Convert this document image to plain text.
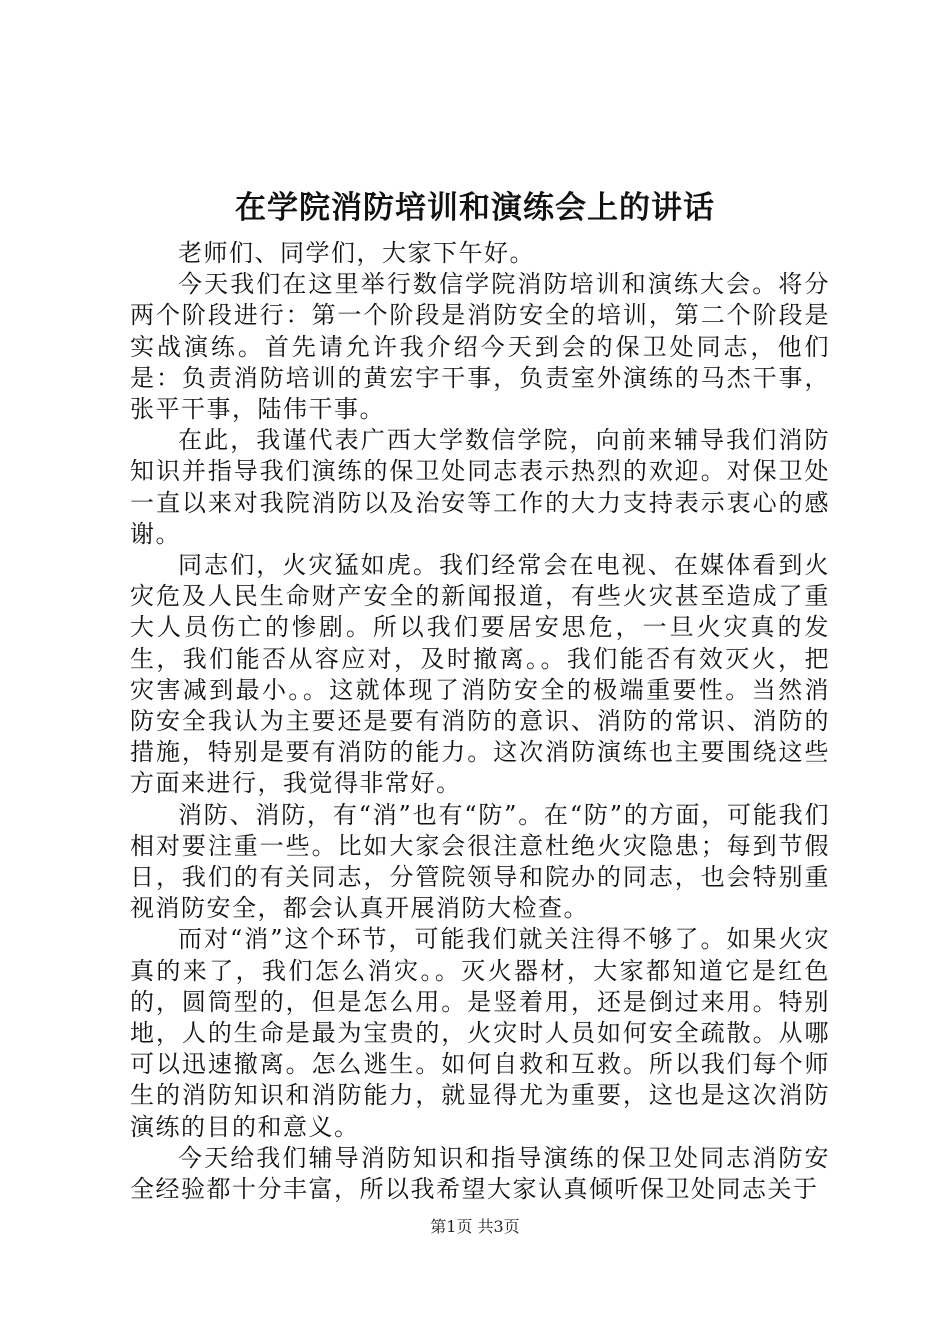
在学院消防培训和演练会上的讲话

老师们、同学们，大家下午好。

今天我们在这里举行数信学院消防培训和演练大会。将分两个阶段进行：第一个阶段是消防安全的培训，第二个阶段是实战演练。首先请允许我介绍今天到会的保卫处同志，他们是：负责消防培训的黄宏宇干事，负责室外演练的马杰干事，张平干事，陆伟干事。

在此，我谨代表广西大学数信学院，向前来辅导我们消防知识并指导我们演练的保卫处同志表示热烈的欢迎。对保卫处一直以来对我院消防以及治安等工作的大力支持表示衷心的感谢。

同志们，火灾猛如虎。我们经常会在电视、在媒体看到火灾危及人民生命财产安全的新闻报道，有些火灾甚至造成了重大人员伤亡的惨剧。所以我们要居安思危，一旦火灾真的发生，我们能否从容应对，及时撤离。。我们能否有效灭火，把灾害减到最小。。这就体现了消防安全的极端重要性。当然消防安全我认为主要还是要有消防的意识、消防的常识、消防的措施，特别是要有消防的能力。这次消防演练也主要围绕这些方面来进行，我觉得非常好。

消防、消防，有“消”也有“防”。在“防”的方面，可能我们相对要注重一些。比如大家会很注意杜绝火灾隐患；每到节假日，我们的有关同志，分管院领导和院办的同志，也会特别重视消防安全，都会认真开展消防大检查。

而对“消”这个环节，可能我们就关注得不够了。如果火灾真的来了，我们怎么消灾。。灭火器材，大家都知道它是红色的，圆筒型的，但是怎么用。是竖着用，还是倒过来用。特别地，人的生命是最为宝贵的，火灾时人员如何安全疏散。从哪可以迅速撤离。怎么逃生。如何自救和互救。所以我们每个师生的消防知识和消防能力，就显得尤为重要，这也是这次消防演练的目的和意义。

今天给我们辅导消防知识和指导演练的保卫处同志消防安全经验都十分丰富，所以我希望大家认真倾听保卫处同志关于

第1页 共3页
